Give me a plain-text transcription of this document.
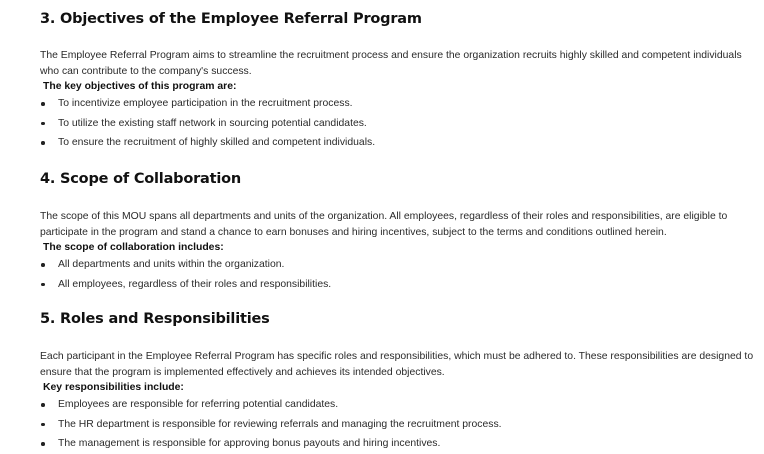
3. Objectives of the Employee Referral Program

The Employee Referral Program aims to streamline the recruitment process and ensure the organization recruits highly skilled and competent individuals who can contribute to the company's success.

The key objectives of this program are:
To incentivize employee participation in the recruitment process.
To utilize the existing staff network in sourcing potential candidates.
To ensure the recruitment of highly skilled and competent individuals.
4. Scope of Collaboration

The scope of this MOU spans all departments and units of the organization. All employees, regardless of their roles and responsibilities, are eligible to participate in the program and stand a chance to earn bonuses and hiring incentives, subject to the terms and conditions outlined herein.

The scope of collaboration includes:
All departments and units within the organization.
All employees, regardless of their roles and responsibilities.
5. Roles and Responsibilities

Each participant in the Employee Referral Program has specific roles and responsibilities, which must be adhered to. These responsibilities are designed to ensure that the program is implemented effectively and achieves its intended objectives.

Key responsibilities include:
Employees are responsible for referring potential candidates.
The HR department is responsible for reviewing referrals and managing the recruitment process.
The management is responsible for approving bonus payouts and hiring incentives.
